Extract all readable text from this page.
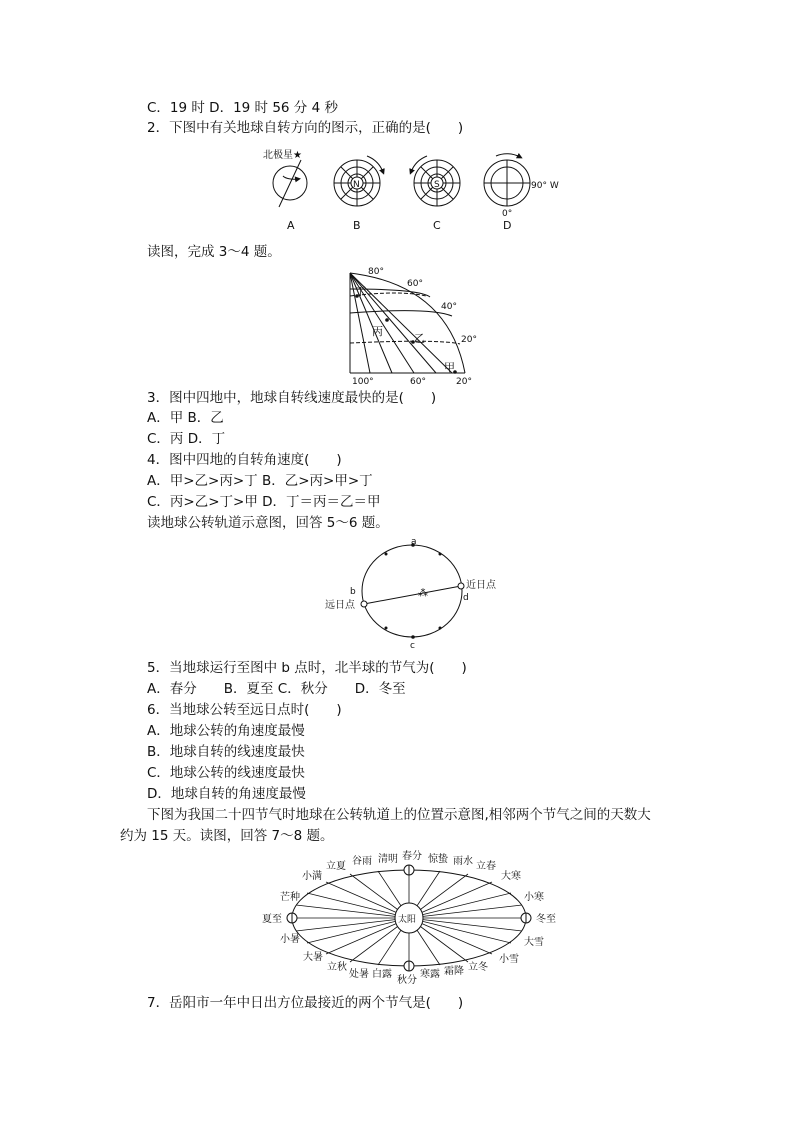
C．19 时 D．19 时 56 分 4 秒
2．下图中有关地球自转方向的图示，正确的是(　　)
北极星★
N	S	90° W
0°
A	B	C	D
读图，完成 3～4 题。
80°
60°
40°
20°
100°	60°	20°
丁
丙
乙
甲
3．图中四地中，地球自转线速度最快的是(　　)
A．甲 B．乙
C．丙 D．丁
4．图中四地的自转角速度(　　)
A．甲>乙>丙>丁 B．乙>丙>甲>丁
C．丙>乙>丁>甲 D．丁＝丙＝乙＝甲
读地球公转轨道示意图，回答 5～6 题。
⁂
a
b
c
d
近日点
远日点
5．当地球运行至图中 b 点时，北半球的节气为(　　)
A．春分　　B．夏至 C．秋分　　D．冬至
6．当地球公转至远日点时(　　)
A．地球公转的角速度最慢
B．地球自转的线速度最快
C．地球公转的线速度最快
D．地球自转的角速度最慢
下图为我国二十四节气时地球在公转轨道上的位置示意图,相邻两个节气之间的天数大
约为 15 天。读图，回答 7～8 题。
太阳
立夏 谷雨 清明 春分 惊蛰 雨水 立春
小满	大寒
芒种	小寒
夏至	冬至
小暑	大雪
大暑	小雪
立秋
处暑 白露
秋分
寒露 霜降 立冬
7．岳阳市一年中日出方位最接近的两个节气是(　　)
